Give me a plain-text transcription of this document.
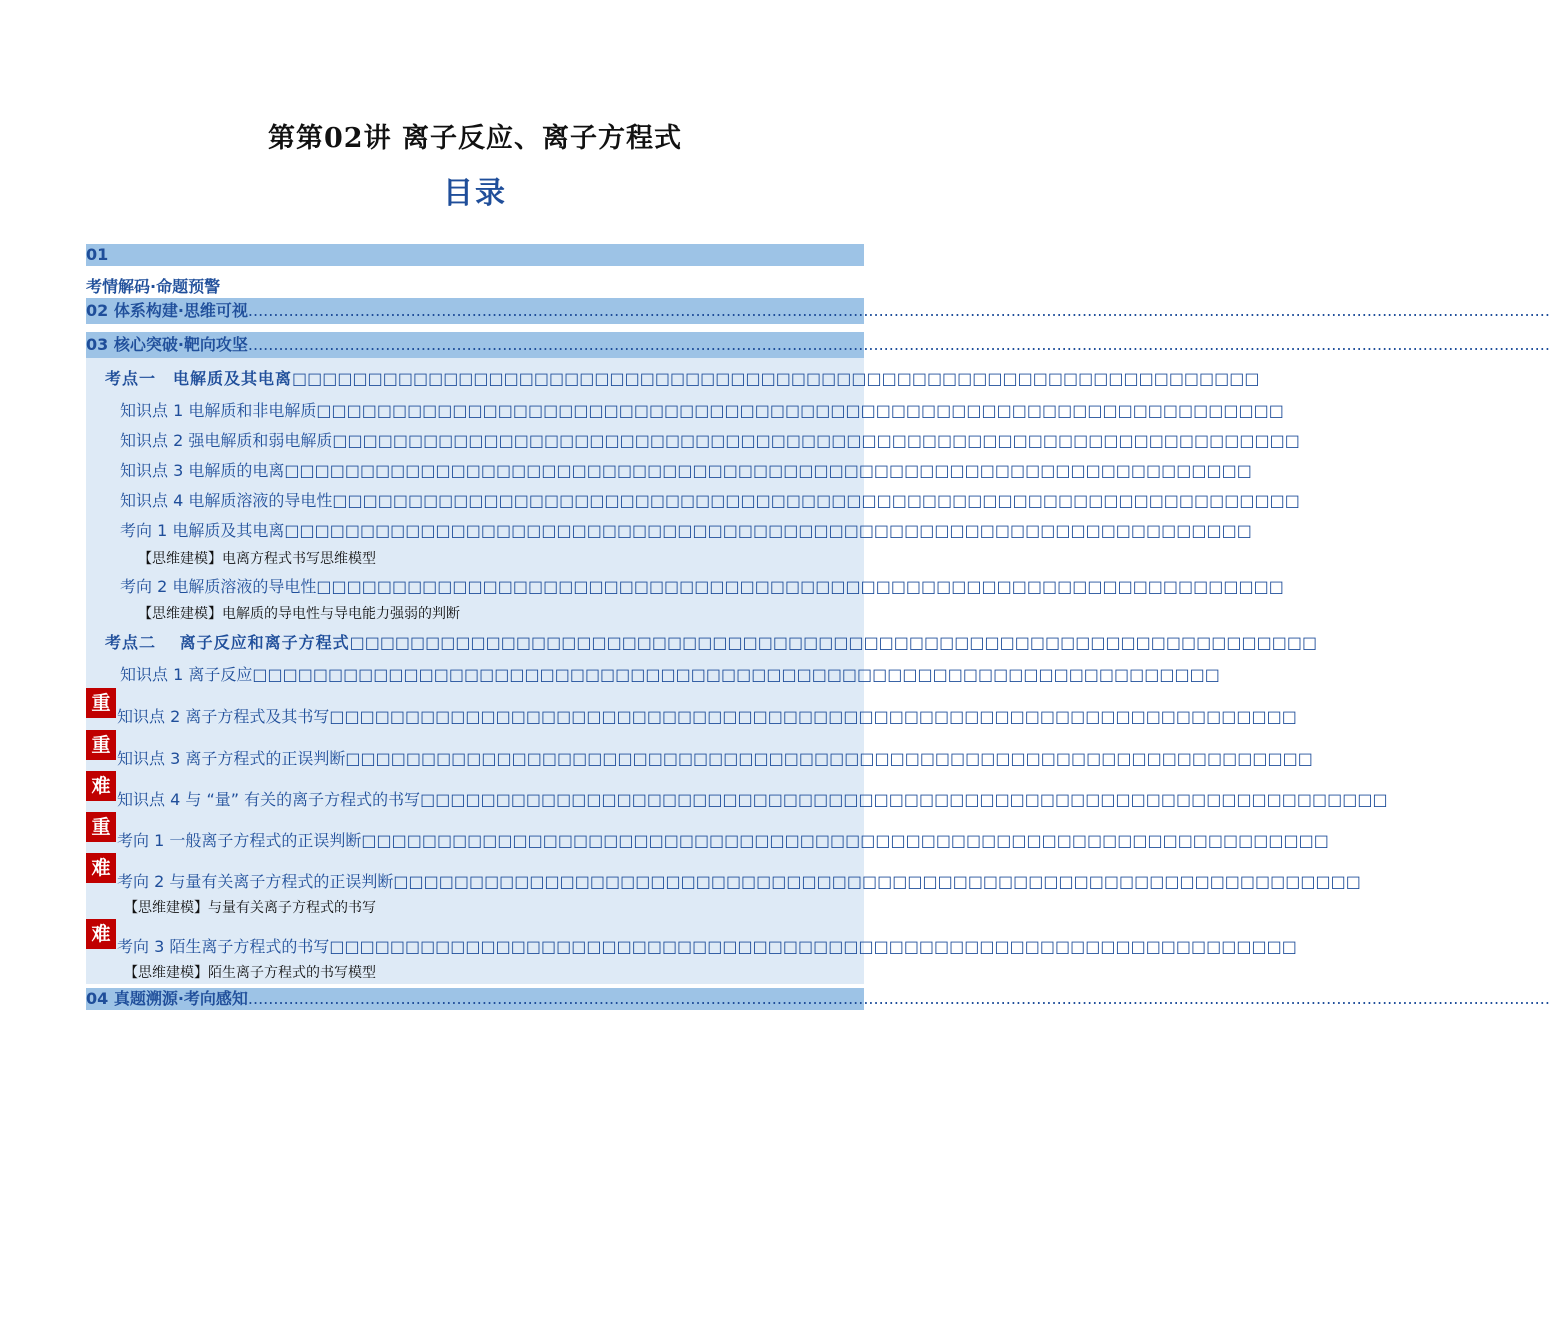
第第02讲 离子反应、离子方程式
目录
01
考情解码·命题预警
02 体系构建·思维可视................................................................................................................................................................................................................................................................
03 核心突破·靶向攻坚................................................................................................................................................................................................................................................................
考点一　电解质及其电离□□□□□□□□□□□□□□□□□□□□□□□□□□□□□□□□□□□□□□□□□□□□□□□□□□□□□□□□□□□□□□□□
知识点 1 电解质和非电解质□□□□□□□□□□□□□□□□□□□□□□□□□□□□□□□□□□□□□□□□□□□□□□□□□□□□□□□□□□□□□□□□
知识点 2 强电解质和弱电解质□□□□□□□□□□□□□□□□□□□□□□□□□□□□□□□□□□□□□□□□□□□□□□□□□□□□□□□□□□□□□□□□
知识点 3 电解质的电离□□□□□□□□□□□□□□□□□□□□□□□□□□□□□□□□□□□□□□□□□□□□□□□□□□□□□□□□□□□□□□□□
知识点 4 电解质溶液的导电性□□□□□□□□□□□□□□□□□□□□□□□□□□□□□□□□□□□□□□□□□□□□□□□□□□□□□□□□□□□□□□□□
考向 1 电解质及其电离□□□□□□□□□□□□□□□□□□□□□□□□□□□□□□□□□□□□□□□□□□□□□□□□□□□□□□□□□□□□□□□□
【思维建模】电离方程式书写思维模型
考向 2 电解质溶液的导电性□□□□□□□□□□□□□□□□□□□□□□□□□□□□□□□□□□□□□□□□□□□□□□□□□□□□□□□□□□□□□□□□
【思维建模】电解质的导电性与导电能力强弱的判断
考点二　 离子反应和离子方程式□□□□□□□□□□□□□□□□□□□□□□□□□□□□□□□□□□□□□□□□□□□□□□□□□□□□□□□□□□□□□□□□
知识点 1 离子反应□□□□□□□□□□□□□□□□□□□□□□□□□□□□□□□□□□□□□□□□□□□□□□□□□□□□□□□□□□□□□□□□
重
知识点 2 离子方程式及其书写□□□□□□□□□□□□□□□□□□□□□□□□□□□□□□□□□□□□□□□□□□□□□□□□□□□□□□□□□□□□□□□□
重
知识点 3 离子方程式的正误判断□□□□□□□□□□□□□□□□□□□□□□□□□□□□□□□□□□□□□□□□□□□□□□□□□□□□□□□□□□□□□□□□
难
知识点 4 与 “量” 有关的离子方程式的书写□□□□□□□□□□□□□□□□□□□□□□□□□□□□□□□□□□□□□□□□□□□□□□□□□□□□□□□□□□□□□□□□
重
考向 1 一般离子方程式的正误判断□□□□□□□□□□□□□□□□□□□□□□□□□□□□□□□□□□□□□□□□□□□□□□□□□□□□□□□□□□□□□□□□
难
考向 2 与量有关离子方程式的正误判断□□□□□□□□□□□□□□□□□□□□□□□□□□□□□□□□□□□□□□□□□□□□□□□□□□□□□□□□□□□□□□□□
【思维建模】与量有关离子方程式的书写
难
考向 3 陌生离子方程式的书写□□□□□□□□□□□□□□□□□□□□□□□□□□□□□□□□□□□□□□□□□□□□□□□□□□□□□□□□□□□□□□□□
【思维建模】陌生离子方程式的书写模型
04 真题溯源·考向感知................................................................................................................................................................................................................................................................
